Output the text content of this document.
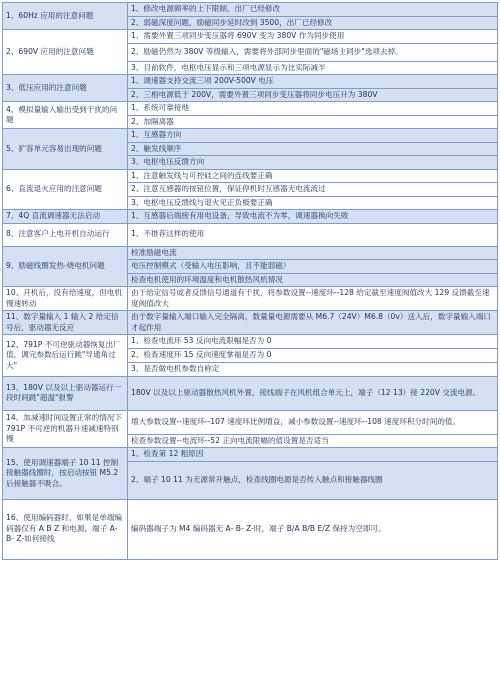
1、60Hz 应用的注意问题	1、修改电源频率的上下限制，出厂已经修改
	2、弱磁深度问题，励磁同步延时改到 3500，出厂已经修改
2、690V 应用的注意问题	1、需要外置三项同步变压器将 690V 变为 380V 作为同步使用
	2、励磁仍然为 380V 等级输入，需要将外部同步里面的"磁场主同步"选项去掉。
	3、目前软件，电枢电压显示和三项电源显示为比实际减半
3、低压应用的注意问题	1、调速器支持交流三项 200V-500V 电压
	2、三相电源低于 200V，需要外置三项同步变压器将同步电压升为 380V
4、模拟量输入输出受到干扰的问题	1、系统可靠接地
	2、加隔离器
5、扩容单元容易出现的问题	1、互感器方向
	2、触发线顺序
	3、电枢电压反馈方向
6、直流退火应用的注意问题	1、注意触发线与可控硅之间的连线要正确
	2、注意互感器的按钮位置，保证停机时互感器无电流流过
	3、电枢电压反馈线与退火见正负极要正确
7、4Q 直流调速器无法启动	1、互感器后端接有用电设备，导致电流不为零，调速器换向失败
8、注意客户上电开机自动运行	1、不推荐这样的使用
9、励磁线圈发热-烧电机问题	校准励磁电流
	电压控制模式（受输入电压影响，且不能弱磁）
	检查电机使用的环境温度和电机散热风机情况
10、开机后，没有给速度，但电机慢速转动	由于给定信号或者反馈信号通道有干扰，将参数设置--速度环--128 给定截至速度阀值改大 129 反馈截至速度阀值改大
11、数字量输入 1 输入 2 给定信号后，驱动器无反应	由于数字量输入端口输入完全隔离，数量量电源需要从 M6.7（24V）M6.8（0v）送入后，数字量输入端口才起作用
12、791P 不可逆驱动器恢复出厂值，调完参数后运行跳"导通角过大"	1、检查电流环 53 反向电流限幅是否为 0
	2、检查速度环 15 反向速度掌福是否为 0
	3、是否做电机参数自称定
13、180V 以及以上驱动器运行一段时间跳"超温"报警	180V 以及以上驱动器散热风机外置，接线端子在风机组合单元上，端子（12 13）接 220V 交流电源。
14、加减速时间设置正常的情况下 791P 不可逆的机器升速减速特别慢	增大参数设置--速度环--107 速度环比例增益，减小参数设置--速度环--108 速度环积分时间的值。
	检查参数设置--电流环--52 正向电流限幅的值设置是否适当
15、使用调速器端子 10 11 控制接触器线圈时，按启动按钮 M5.2 后接触器不吸合。	1、检查第 12 粗原因
	2、端子 10 11 为无源常开触点，检查线圈电源是否传入触点和接触器线圈
16、使用编码器时，如果是单端编码器仅有 A B Z 和电源，端子 A- B- Z-如何接线	编码器端子为 M4 编码器无 A- B- Z-时，端子 B/A B/B E/Z 保持为空即可。
